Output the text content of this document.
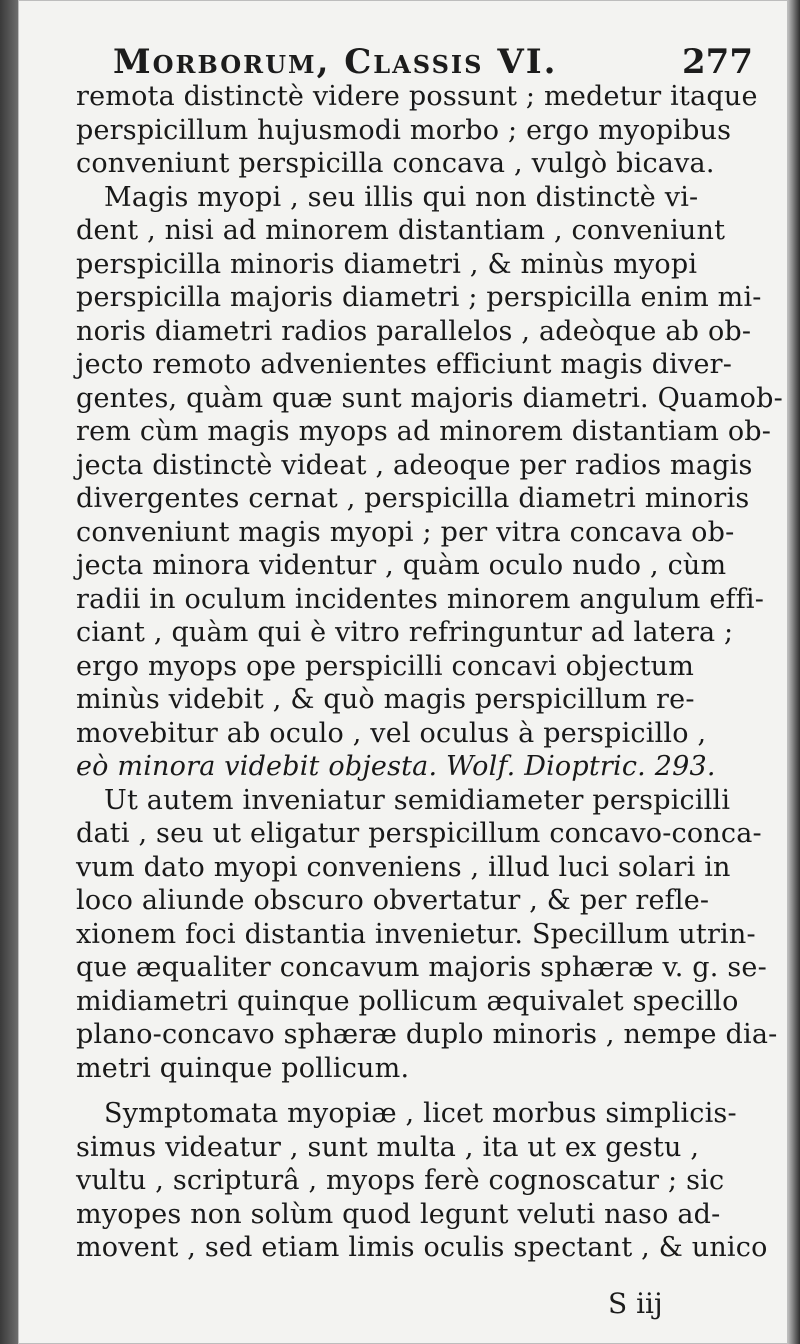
Morborum, Classis VI.	277
remota distinctè videre possunt ; medetur itaque
perspicillum hujusmodi morbo ; ergo myopibus
conveniunt perspicilla concava , vulgò bicava.
Magis myopi , seu illis qui non distinctè vi-
dent , nisi ad minorem distantiam , conveniunt
perspicilla minoris diametri , & minùs myopi
perspicilla majoris diametri ; perspicilla enim mi-
noris diametri radios parallelos , adeòque ab ob-
jecto remoto advenientes efficiunt magis diver-
gentes, quàm quæ sunt majoris diametri. Quamob-
rem cùm magis myops ad minorem distantiam ob-
jecta distinctè videat , adeoque per radios magis
divergentes cernat , perspicilla diametri minoris
conveniunt magis myopi ; per vitra concava ob-
jecta minora videntur , quàm oculo nudo , cùm
radii in oculum incidentes minorem angulum effi-
ciant , quàm qui è vitro refringuntur ad latera ;
ergo myops ope perspicilli concavi objectum
minùs videbit , & quò magis perspicillum re-
movebitur ab oculo , vel oculus à perspicillo ,
eò minora videbit objesta. Wolf. Dioptric. 293.
Ut autem inveniatur semidiameter perspicilli
dati , seu ut eligatur perspicillum concavo-conca-
vum dato myopi conveniens , illud luci solari in
loco aliunde obscuro obvertatur , & per refle-
xionem foci distantia invenietur. Specillum utrin-
que æqualiter concavum majoris sphæræ v. g. se-
midiametri quinque pollicum æquivalet specillo
plano-concavo sphæræ duplo minoris , nempe dia-
metri quinque pollicum.
Symptomata myopiæ , licet morbus simplicis-
simus videatur , sunt multa , ita ut ex gestu ,
vultu , scripturâ , myops ferè cognoscatur ; sic
myopes non solùm quod legunt veluti naso ad-
movent , sed etiam limis oculis spectant , & unico
S iij
